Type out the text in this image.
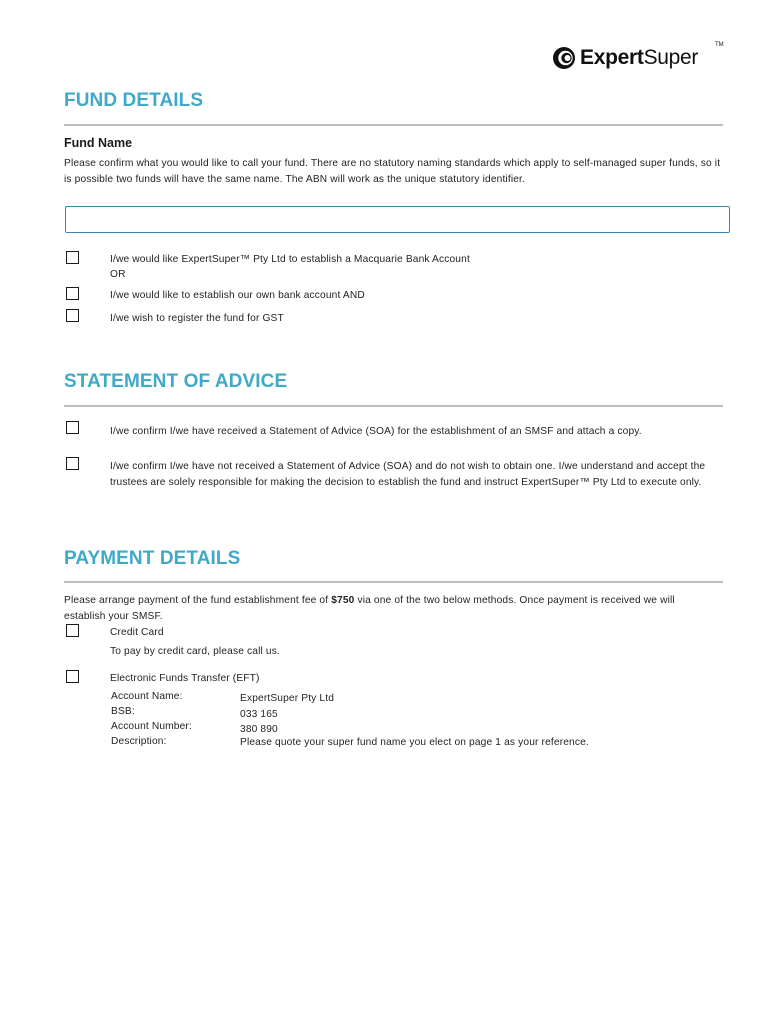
ExpertSuper
TM
FUND DETAILS
Fund Name
Please confirm what you would like to call your fund. There are no statutory naming standards which apply to self-managed super funds, so it is possible two funds will have the same name. The ABN will work as the unique statutory identifier.
I/we would like ExpertSuper™ Pty Ltd to establish a Macquarie Bank Account
OR
I/we would like to establish our own bank account AND
I/we wish to register the fund for GST
STATEMENT OF ADVICE
I/we confirm I/we have received a Statement of Advice (SOA) for the establishment of an SMSF and attach a copy.
I/we confirm I/we have not received a Statement of Advice (SOA) and do not wish to obtain one. I/we understand and accept the trustees are solely responsible for making the decision to establish the fund and instruct ExpertSuper™ Pty Ltd to execute only.
PAYMENT DETAILS
Please arrange payment of the fund establishment fee of $750 via one of the two below methods. Once payment is received we will establish your SMSF.
Credit Card
To pay by credit card, please call us.
Electronic Funds Transfer (EFT)
Account Name:	ExpertSuper Pty Ltd
BSB:	033 165
Account Number:	380 890
Description:	Please quote your super fund name you elect on page 1 as your reference.
